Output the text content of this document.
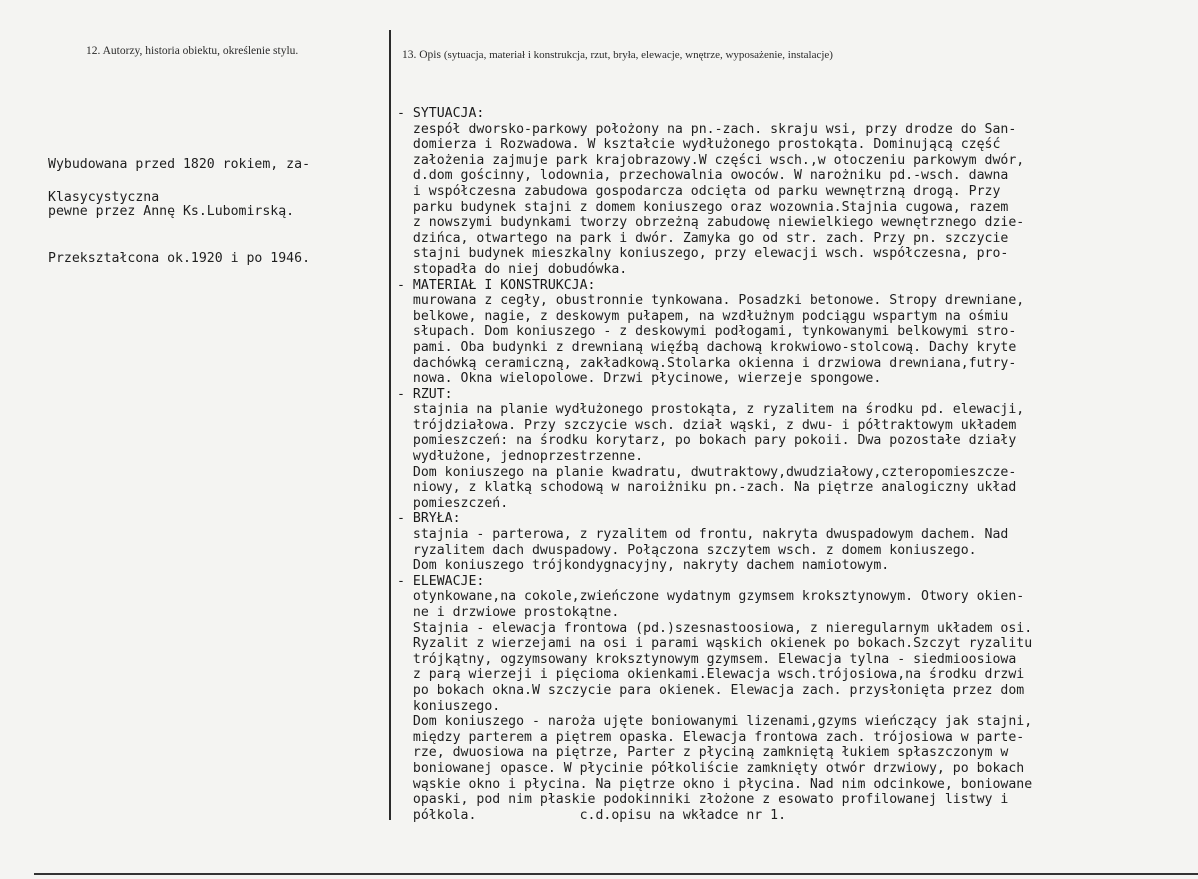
12. Autorzy, historia obiektu, określenie stylu.	13. Opis (sytuacja, materiał i konstrukcja, rzut, bryła, elewacje, wnętrze, wyposażenie, instalacje)

Wybudowana przed 1820 rokiem, za-

pewne przez Annę Ks.Lubomirską.

Przekształcona ok.1920 i po 1946.

Klasycystyczna
- SYTUACJA:
zespół dworsko-parkowy położony na pn.-zach. skraju wsi, przy drodze do San-
domierza i Rozwadowa. W kształcie wydłużonego prostokąta. Dominującą część
założenia zajmuje park krajobrazowy.W części wsch.,w otoczeniu parkowym dwór,
d.dom gościnny, lodownia, przechowalnia owoców. W narożniku pd.-wsch. dawna
i współczesna zabudowa gospodarcza odcięta od parku wewnętrzną drogą. Przy
parku budynek stajni z domem koniuszego oraz wozownia.Stajnia cugowa, razem
z nowszymi budynkami tworzy obrzeżną zabudowę niewielkiego wewnętrznego dzie-
dzińca, otwartego na park i dwór. Zamyka go od str. zach. Przy pn. szczycie
stajni budynek mieszkalny koniuszego, przy elewacji wsch. współczesna, pro-
stopadła do niej dobudówka.
- MATERIAŁ I KONSTRUKCJA:
murowana z cegły, obustronnie tynkowana. Posadzki betonowe. Stropy drewniane,
belkowe, nagie, z deskowym pułapem, na wzdłużnym podciągu wspartym na ośmiu
słupach. Dom koniuszego - z deskowymi podłogami, tynkowanymi belkowymi stro-
pami. Oba budynki z drewnianą więźbą dachową krokwiowo-stolcową. Dachy kryte
dachówką ceramiczną, zakładkową.Stolarka okienna i drzwiowa drewniana,futry-
nowa. Okna wielopolowe. Drzwi płycinowe, wierzeje spongowe.
- RZUT:
stajnia na planie wydłużonego prostokąta, z ryzalitem na środku pd. elewacji,
trójdziałowa. Przy szczycie wsch. dział wąski, z dwu- i półtraktowym układem
pomieszczeń: na środku korytarz, po bokach pary pokoii. Dwa pozostałe działy
wydłużone, jednoprzestrzenne.
Dom koniuszego na planie kwadratu, dwutraktowy,dwudziałowy,czteropomieszcze-
niowy, z klatką schodową w naroiżniku pn.-zach. Na piętrze analogiczny układ
pomieszczeń.
- BRYŁA:
stajnia - parterowa, z ryzalitem od frontu, nakryta dwuspadowym dachem. Nad
ryzalitem dach dwuspadowy. Połączona szczytem wsch. z domem koniuszego.
Dom koniuszego trójkondygnacyjny, nakryty dachem namiotowym.
- ELEWACJE:
otynkowane,na cokole,zwieńczone wydatnym gzymsem kroksztynowym. Otwory okien-
ne i drzwiowe prostokątne.
Stajnia - elewacja frontowa (pd.)szesnastoosiowa, z nieregularnym układem osi.
Ryzalit z wierzejami na osi i parami wąskich okienek po bokach.Szczyt ryzalitu
trójkątny, ogzymsowany kroksztynowym gzymsem. Elewacja tylna - siedmioosiowa
z parą wierzeji i pięcioma okienkami.Elewacja wsch.trójosiowa,na środku drzwi
po bokach okna.W szczycie para okienek. Elewacja zach. przysłonięta przez dom
koniuszego.
Dom koniuszego - naroża ujęte boniowanymi lizenami,gzyms wieńczący jak stajni,
między parterem a piętrem opaska. Elewacja frontowa zach. trójosiowa w parte-
rze, dwuosiowa na piętrze, Parter z płyciną zamkniętą łukiem spłaszczonym w
boniowanej opasce. W płycinie półkoliście zamknięty otwór drzwiowy, po bokach
wąskie okno i płycina. Na piętrze okno i płycina. Nad nim odcinkowe, boniowane
opaski, pod nim płaskie podokinniki złożone z esowato profilowanej listwy i
półkola.             c.d.opisu na wkładce nr 1.
